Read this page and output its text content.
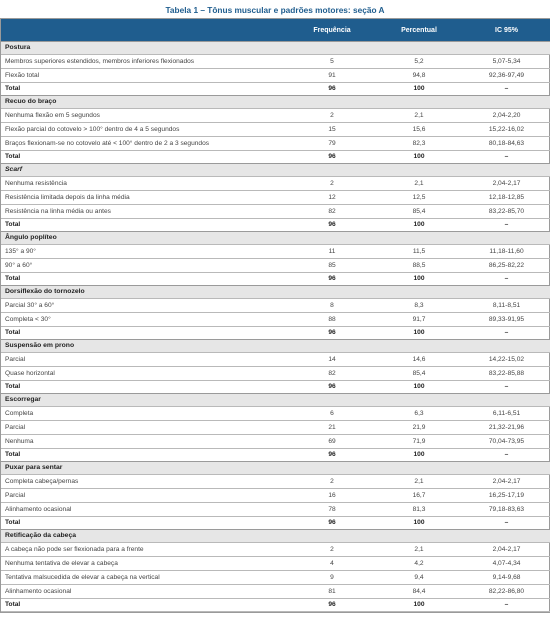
Tabela 1 – Tônus muscular e padrões motores: seção A
	Frequência	Percentual	IC 95%
Postura			
Membros superiores estendidos, membros inferiores flexionados	5	5,2	5,07-5,34
Flexão total	91	94,8	92,36-97,49
Total	96	100	–
Recuo do braço			
Nenhuma flexão em 5 segundos	2	2,1	2,04-2,20
Flexão parcial do cotovelo > 100° dentro de 4 a 5 segundos	15	15,6	15,22-16,02
Braços flexionam-se no cotovelo até < 100° dentro de 2 a 3 segundos	79	82,3	80,18-84,63
Total	96	100	–
Scarf			
Nenhuma resistência	2	2,1	2,04-2,17
Resistência limitada depois da linha média	12	12,5	12,18-12,85
Resistência na linha média ou antes	82	85,4	83,22-85,70
Total	96	100	–
Ângulo poplíteo			
135° a 90°	11	11,5	11,18-11,60
90° a 60°	85	88,5	86,25-82,22
Total	96	100	–
Dorsiflexão do tornozelo			
Parcial 30° a 60°	8	8,3	8,11-8,51
Completa < 30°	88	91,7	89,33-91,95
Total	96	100	–
Suspensão em prono			
Parcial	14	14,6	14,22-15,02
Quase horizontal	82	85,4	83,22-85,88
Total	96	100	–
Escorregar			
Completa	6	6,3	6,11-6,51
Parcial	21	21,9	21,32-21,96
Nenhuma	69	71,9	70,04-73,95
Total	96	100	–
Puxar para sentar			
Completa cabeça/pernas	2	2,1	2,04-2,17
Parcial	16	16,7	16,25-17,19
Alinhamento ocasional	78	81,3	79,18-83,63
Total	96	100	–
Retificação da cabeça			
A cabeça não pode ser flexionada para a frente	2	2,1	2,04-2,17
Nenhuma tentativa de elevar a cabeça	4	4,2	4,07-4,34
Tentativa malsucedida de elevar a cabeça na vertical	9	9,4	9,14-9,68
Alinhamento ocasional	81	84,4	82,22-86,80
Total	96	100	–
